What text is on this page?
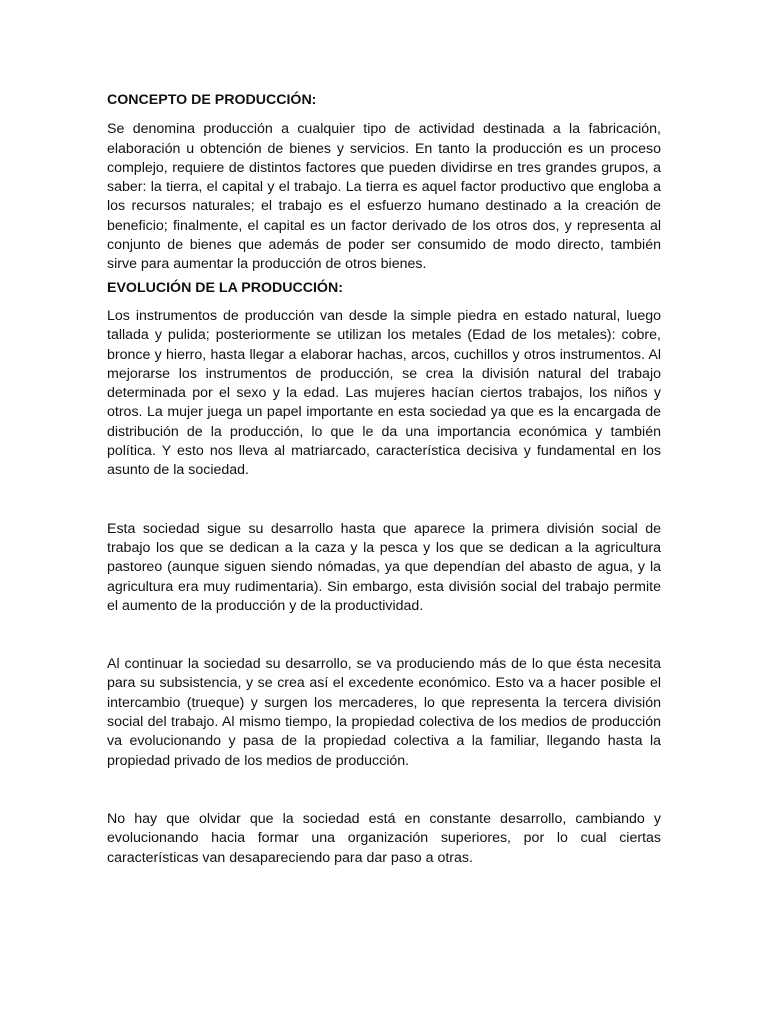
CONCEPTO DE PRODUCCIÓN:

Se denomina producción a cualquier tipo de actividad destinada a la fabricación, elaboración u obtención de bienes y servicios. En tanto la producción es un proceso complejo, requiere de distintos factores que pueden dividirse en tres grandes grupos, a saber: la tierra, el capital y el trabajo. La tierra es aquel factor productivo que engloba a los recursos naturales; el trabajo es el esfuerzo humano destinado a la creación de beneficio; finalmente, el capital es un factor derivado de los otros dos, y representa al conjunto de bienes que además de poder ser consumido de modo directo, también sirve para aumentar la producción de otros bienes.

EVOLUCIÓN DE LA PRODUCCIÓN:

Los instrumentos de producción van desde la simple piedra en estado natural, luego tallada y pulida; posteriormente se utilizan los metales (Edad de los metales): cobre, bronce y hierro, hasta llegar a elaborar hachas, arcos, cuchillos y otros instrumentos. Al mejorarse los instrumentos de producción, se crea la división natural del trabajo determinada por el sexo y la edad. Las mujeres hacían ciertos trabajos, los niños y otros. La mujer juega un papel importante en esta sociedad ya que es la encargada de distribución de la producción, lo que le da una importancia económica y también política. Y esto nos lleva al matriarcado, característica decisiva y fundamental en los asunto de la sociedad.

Esta sociedad sigue su desarrollo hasta que aparece la primera división social de trabajo los que se dedican a la caza y la pesca y los que se dedican a la agricultura pastoreo (aunque siguen siendo nómadas, ya que dependían del abasto de agua, y la agricultura era muy rudimentaria). Sin embargo, esta división social del trabajo permite el aumento de la producción y de la productividad.

Al continuar la sociedad su desarrollo, se va produciendo más de lo que ésta necesita para su subsistencia, y se crea así el excedente económico. Esto va a hacer posible el intercambio (trueque) y surgen los mercaderes, lo que representa la tercera división social del trabajo. Al mismo tiempo, la propiedad colectiva de los medios de producción va evolucionando y pasa de la propiedad colectiva a la familiar, llegando hasta la propiedad privado de los medios de producción.

No hay que olvidar que la sociedad está en constante desarrollo, cambiando y evolucionando hacia formar una organización superiores, por lo cual ciertas características van desapareciendo para dar paso a otras.
